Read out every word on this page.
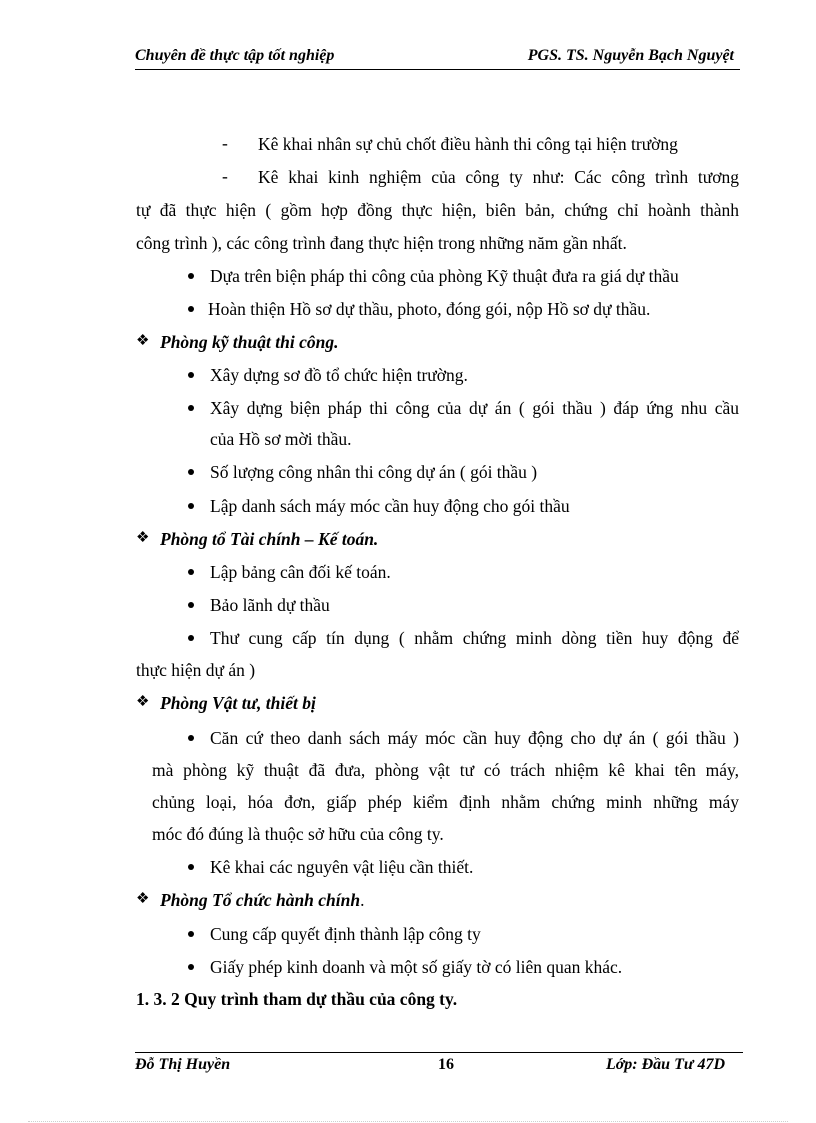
Chuyên đề thực tập tốt nghiệp	PGS. TS. Nguyễn Bạch Nguyệt
- Kê khai nhân sự chủ chốt điều hành thi công tại hiện trường
- Kê khai kinh nghiệm của công ty như: Các công trình tương
tự đã thực hiện ( gồm hợp đồng thực hiện, biên bản, chứng chỉ hoành thành
công trình ), các công trình đang thực hiện trong những năm gần nhất.
Dựa trên biện pháp thi công của phòng Kỹ thuật đưa ra giá dự thầu
Hoàn thiện Hồ sơ dự thầu, photo, đóng gói, nộp Hồ sơ dự thầu.
❖ Phòng kỹ thuật thi công.
Xây dựng sơ đồ tổ chức hiện trường.
Xây dựng biện pháp thi công của dự án ( gói thầu ) đáp ứng nhu cầu
của Hồ sơ mời thầu.
Số lượng công nhân thi công dự án ( gói thầu )
Lập danh sách máy móc cần huy động cho gói thầu
❖ Phòng tổ Tài chính – Kế toán.
Lập bảng cân đối kế toán.
Bảo lãnh dự thầu
Thư cung cấp tín dụng ( nhằm chứng minh dòng tiền huy động để
thực hiện dự án )
❖ Phòng Vật tư, thiết bị
Căn cứ theo danh sách máy móc cần huy động cho dự án ( gói thầu )
mà phòng kỹ thuật đã đưa, phòng vật tư có trách nhiệm kê khai tên máy,
chủng loại, hóa đơn, giấp phép kiểm định nhằm chứng minh những máy
móc đó đúng là thuộc sở hữu của công ty.
Kê khai các nguyên vật liệu cần thiết.
❖ Phòng Tổ chức hành chính.
Cung cấp quyết định thành lập công ty
Giấy phép kinh doanh và một số giấy tờ có liên quan khác.
1. 3. 2 Quy trình tham dự thầu của công ty.
Đỗ Thị Huyền	16	Lớp: Đầu Tư 47D
